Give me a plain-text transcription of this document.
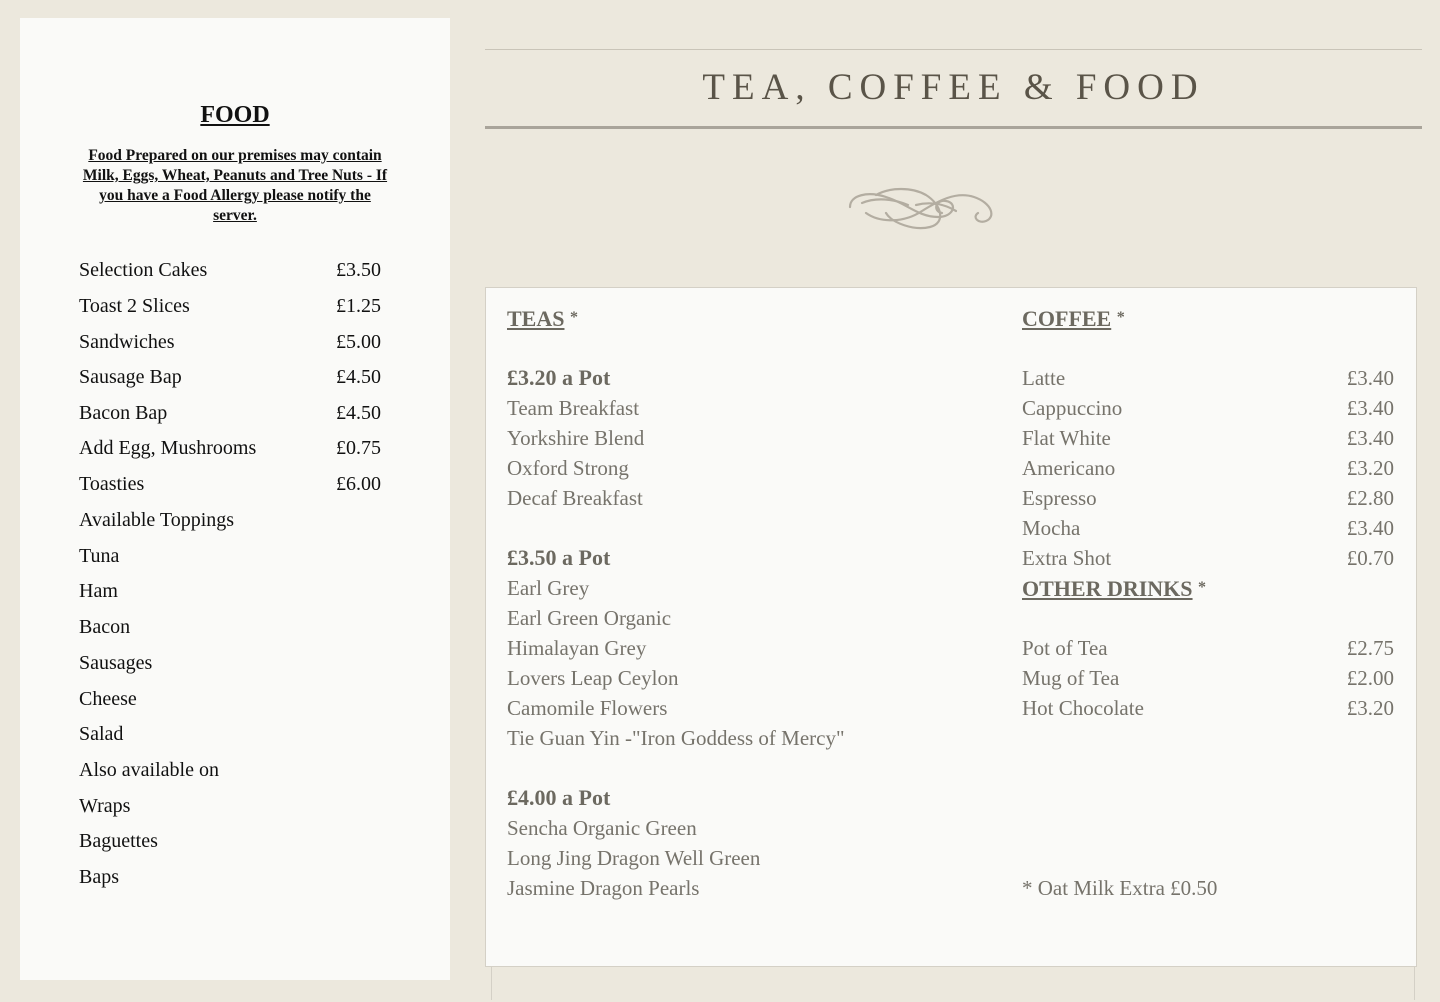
FOOD
Food Prepared on our premises may contain Milk, Eggs, Wheat, Peanuts and Tree Nuts - If you have a Food Allergy please notify the server.
Selection Cakes	£3.50
Toast 2 Slices	£1.25
Sandwiches	£5.00
Sausage Bap	£4.50
Bacon Bap	£4.50
Add Egg, Mushrooms	£0.75
Toasties	£6.00
Available Toppings
Tuna
Ham
Bacon
Sausages
Cheese
Salad
Also available on
Wraps
Baguettes
Baps
TEA, COFFEE & FOOD
TEAS *
£3.20 a Pot
Team Breakfast
Yorkshire Blend
Oxford Strong
Decaf Breakfast
£3.50 a Pot
Earl Grey
Earl Green Organic
Himalayan Grey
Lovers Leap Ceylon
Camomile Flowers
Tie Guan Yin -"Iron Goddess of Mercy"
£4.00 a Pot
Sencha Organic Green
Long Jing Dragon Well Green
Jasmine Dragon Pearls
COFFEE *
Latte	£3.40
Cappuccino	£3.40
Flat White	£3.40
Americano	£3.20
Espresso	£2.80
Mocha	£3.40
Extra Shot	£0.70
OTHER DRINKS *
Pot of Tea	£2.75
Mug of Tea	£2.00
Hot Chocolate	£3.20
* Oat Milk Extra £0.50
